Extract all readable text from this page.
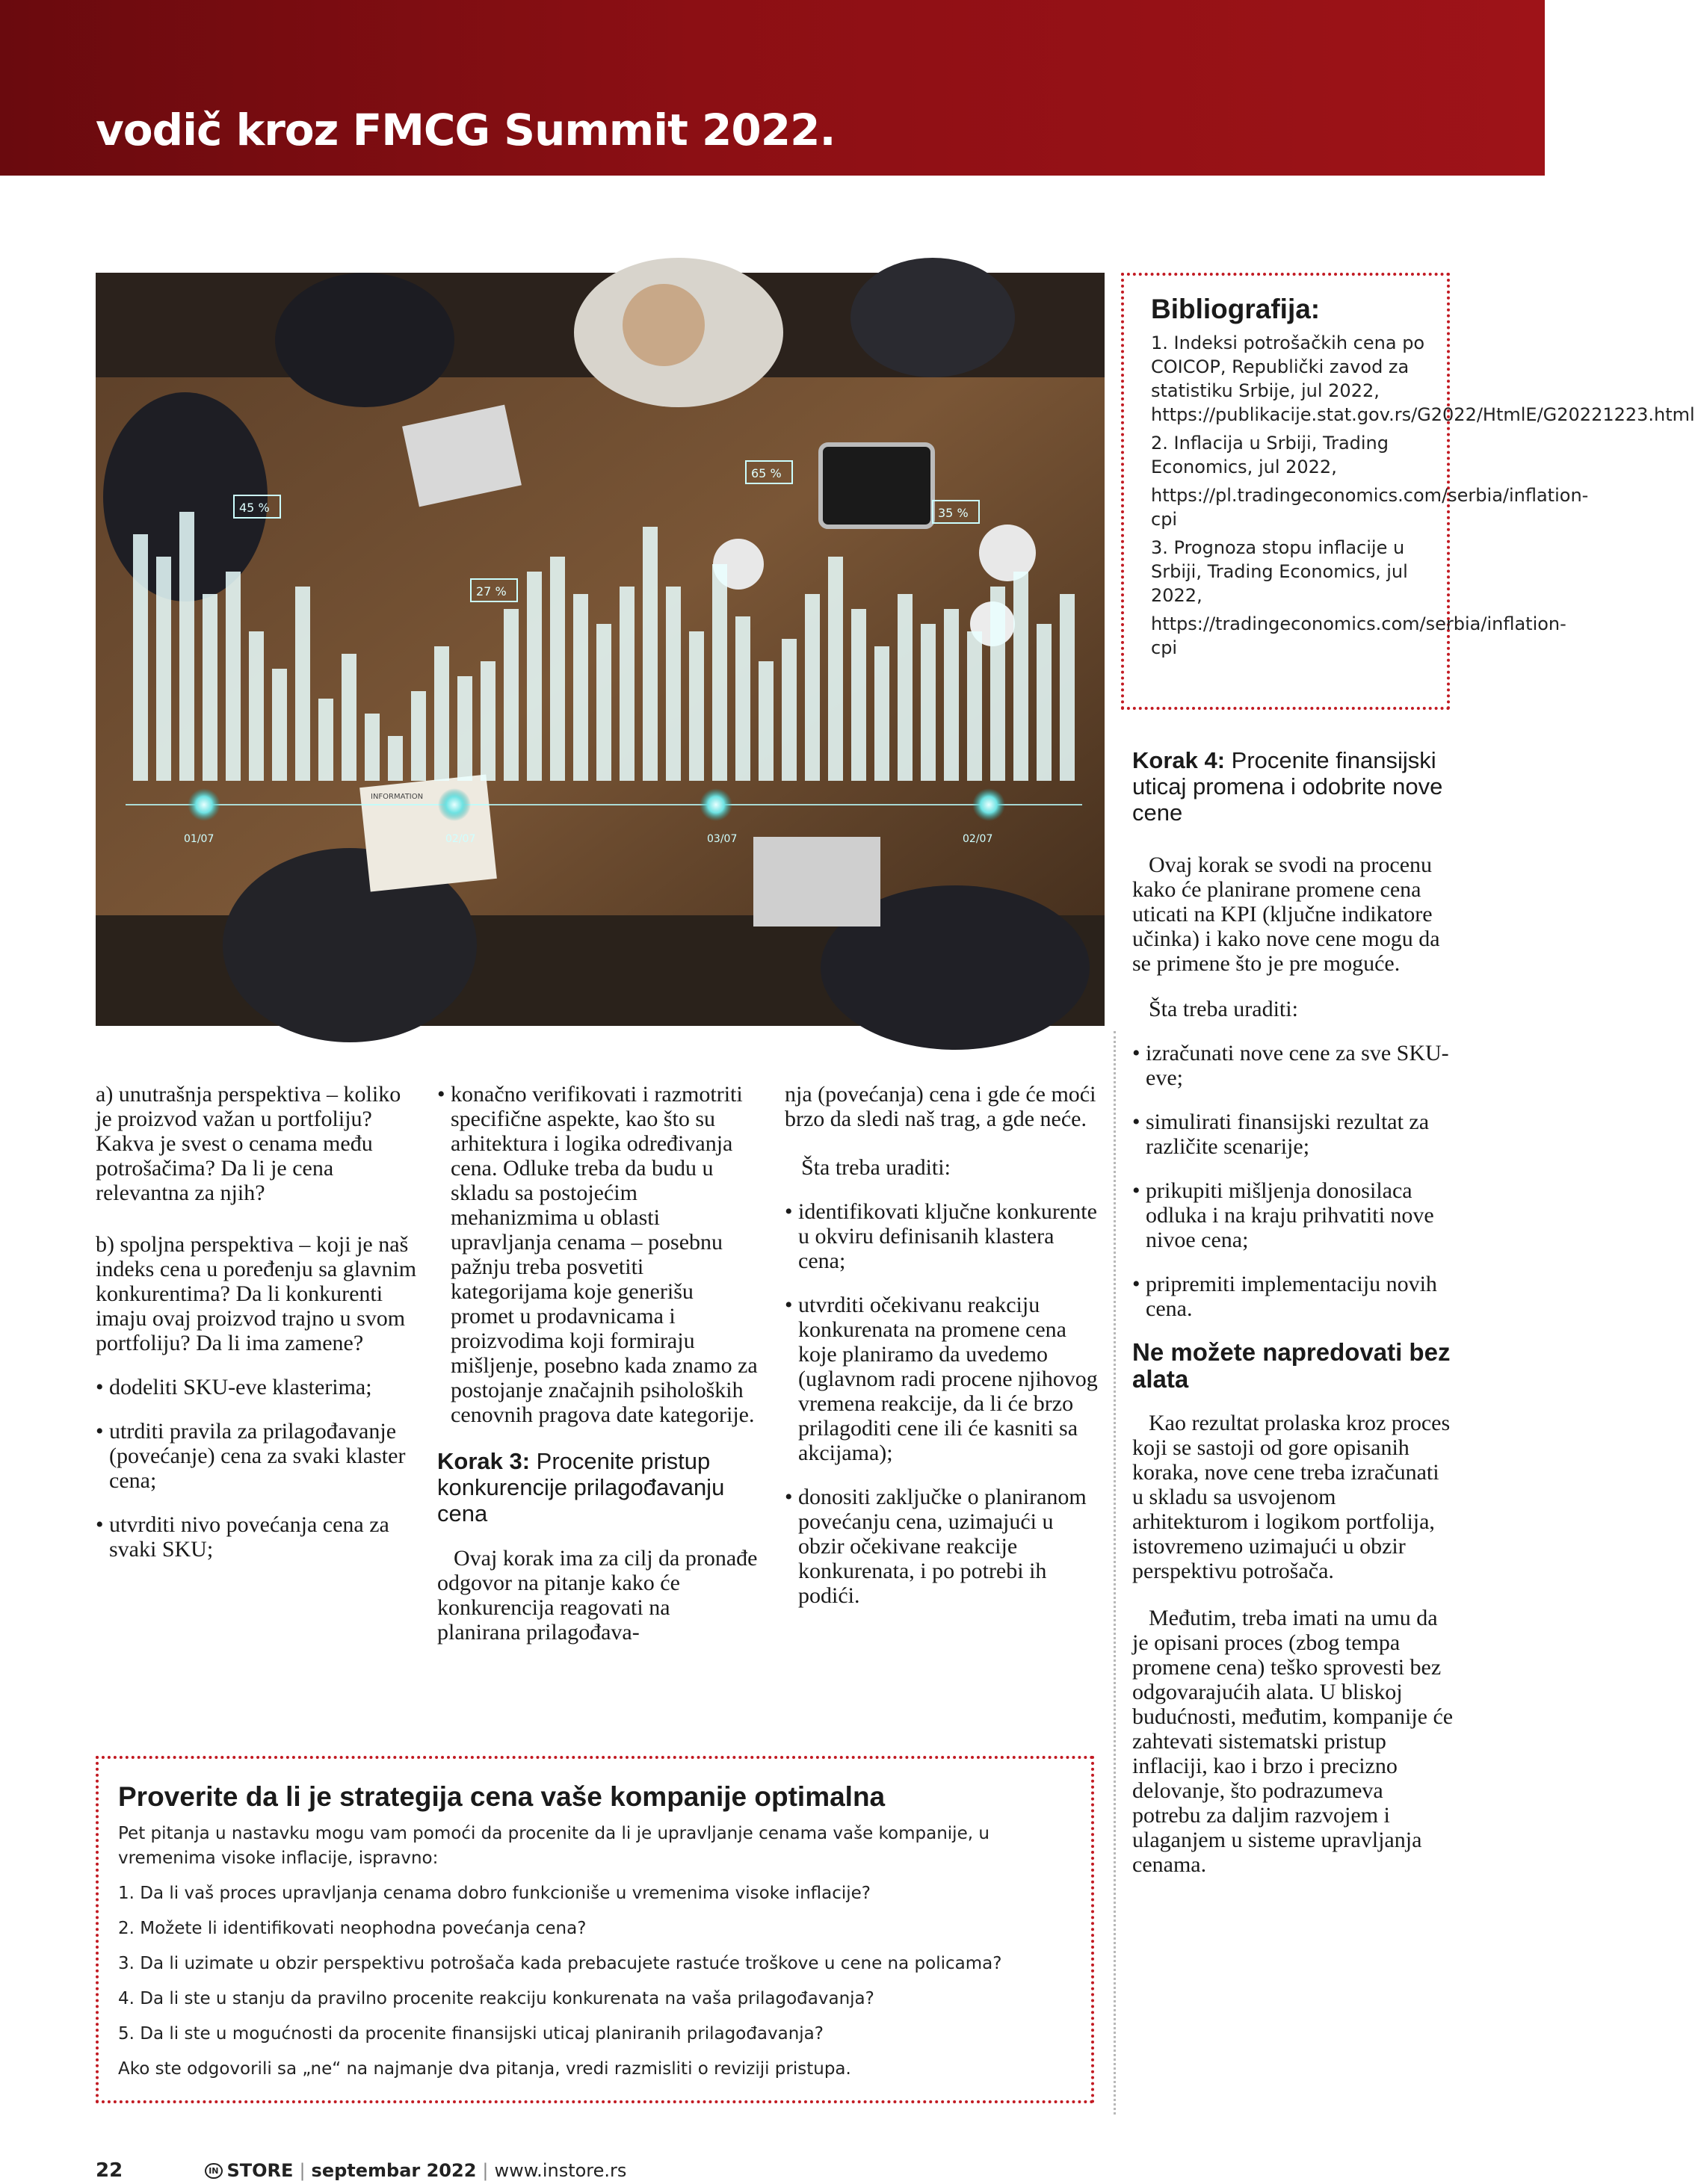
vodič kroz FMCG Summit 2022.
INFORMATION
01/07	02/07	03/07	02/07
45 %
65 %
27 %
35 %
Bibliografija:
1. Indeksi potrošačkih cena po COICOP, Republički zavod za statistiku Srbije, jul 2022, https://publikacije.stat.gov.rs/G2022/HtmlE/G20221223.html
2. Inflacija u Srbiji, Trading Economics, jul 2022,
https://pl.tradingeconomics.com/serbia/inflation-cpi
3. Prognoza stopu inflacije u Srbiji, Trading Economics, jul 2022,
https://tradingeconomics.com/serbia/inflation-cpi

a) unutrašnja perspektiva – koliko je proizvod važan u portfoliju? Kakva je svest o cenama među potrošačima? Da li je cena relevantna za njih?

b) spoljna perspektiva – koji je naš indeks cena u poređenju sa glavnim konkurentima? Da li konkurenti imaju ovaj proizvod trajno u svom portfoliju? Da li ima zamene?

• dodeliti SKU-eve klasterima;

• utrditi pravila za prilagođavanje (povećanje) cena za svaki klaster cena;

• utvrditi nivo povećanja cena za svaki SKU;

• konačno verifikovati i razmotriti specifične aspekte, kao što su arhitektura i logika određivanja cena. Odluke treba da budu u skladu sa postojećim mehanizmima u oblasti upravljanja cenama – posebnu pažnju treba posvetiti kategorijama koje generišu promet u prodavnicama i proizvodima koji formiraju mišljenje, posebno kada znamo za postojanje značajnih psiholoških cenovnih pragova date kategorije.

Korak 3: Procenite pristup konkurencije prilagođavanju cena

Ovaj korak ima za cilj da pronađe odgovor na pitanje kako će konkurencija reagovati na planirana prilagođava-

nja (povećanja) cena i gde će moći brzo da sledi naš trag, a gde neće.

Šta treba uraditi:

• identifikovati ključne konkurente u okviru definisanih klastera cena;

• utvrditi očekivanu reakciju konkurenata na promene cena koje planiramo da uvedemo (uglavnom radi procene njihovog vremena reakcije, da li će brzo prilagoditi cene ili će kasniti sa akcijama);

• donositi zaključke o planiranom povećanju cena, uzimajući u obzir očekivane reakcije konkurenata, i po potrebi ih podići.

Korak 4: Procenite finansijski uticaj promena i odobrite nove cene

Ovaj korak se svodi na procenu kako će planirane promene cena uticati na KPI (ključne indikatore učinka) i kako nove cene mogu da se primene što je pre moguće.

Šta treba uraditi:

• izračunati nove cene za sve SKU-eve;

• simulirati finansijski rezultat za različite scenarije;

• prikupiti mišljenja donosilaca odluka i na kraju prihvatiti nove nivoe cena;

• pripremiti implementaciju novih cena.

Ne možete napredovati bez alata

Kao rezultat prolaska kroz proces koji se sastoji od gore opisanih koraka, nove cene treba izračunati u skladu sa usvojenom arhitekturom i logikom portfolija, istovremeno uzimajući u obzir perspektivu potrošača.

Međutim, treba imati na umu da je opisani proces (zbog tempa promene cena) teško sprovesti bez odgovarajućih alata. U bliskoj budućnosti, međutim, kompanije će zahtevati sistematski pristup inflaciji, kao i brzo i precizno delovanje, što podrazumeva potrebu za daljim razvojem i ulaganjem u sisteme upravljanja cenama.

Proverite da li je strategija cena vaše kompanije optimalna
Pet pitanja u nastavku mogu vam pomoći da procenite da li je upravljanje cenama vaše kompanije, u vremenima visoke inflacije, ispravno:
1. Da li vaš proces upravljanja cenama dobro funkcioniše u vremenima visoke inflacije?
2. Možete li identifikovati neophodna povećanja cena?
3. Da li uzimate u obzir perspektivu potrošača kada prebacujete rastuće troškove u cene na policama?
4. Da li ste u stanju da pravilno procenite reakciju konkurenata na vaša prilagođavanja?
5. Da li ste u mogućnosti da procenite finansijski uticaj planiranih prilagođavanja?
Ako ste odgovorili sa „ne“ na najmanje dva pitanja, vredi razmisliti o reviziji pristupa.
22	IN STORE | septembar 2022 | www.instore.rs
